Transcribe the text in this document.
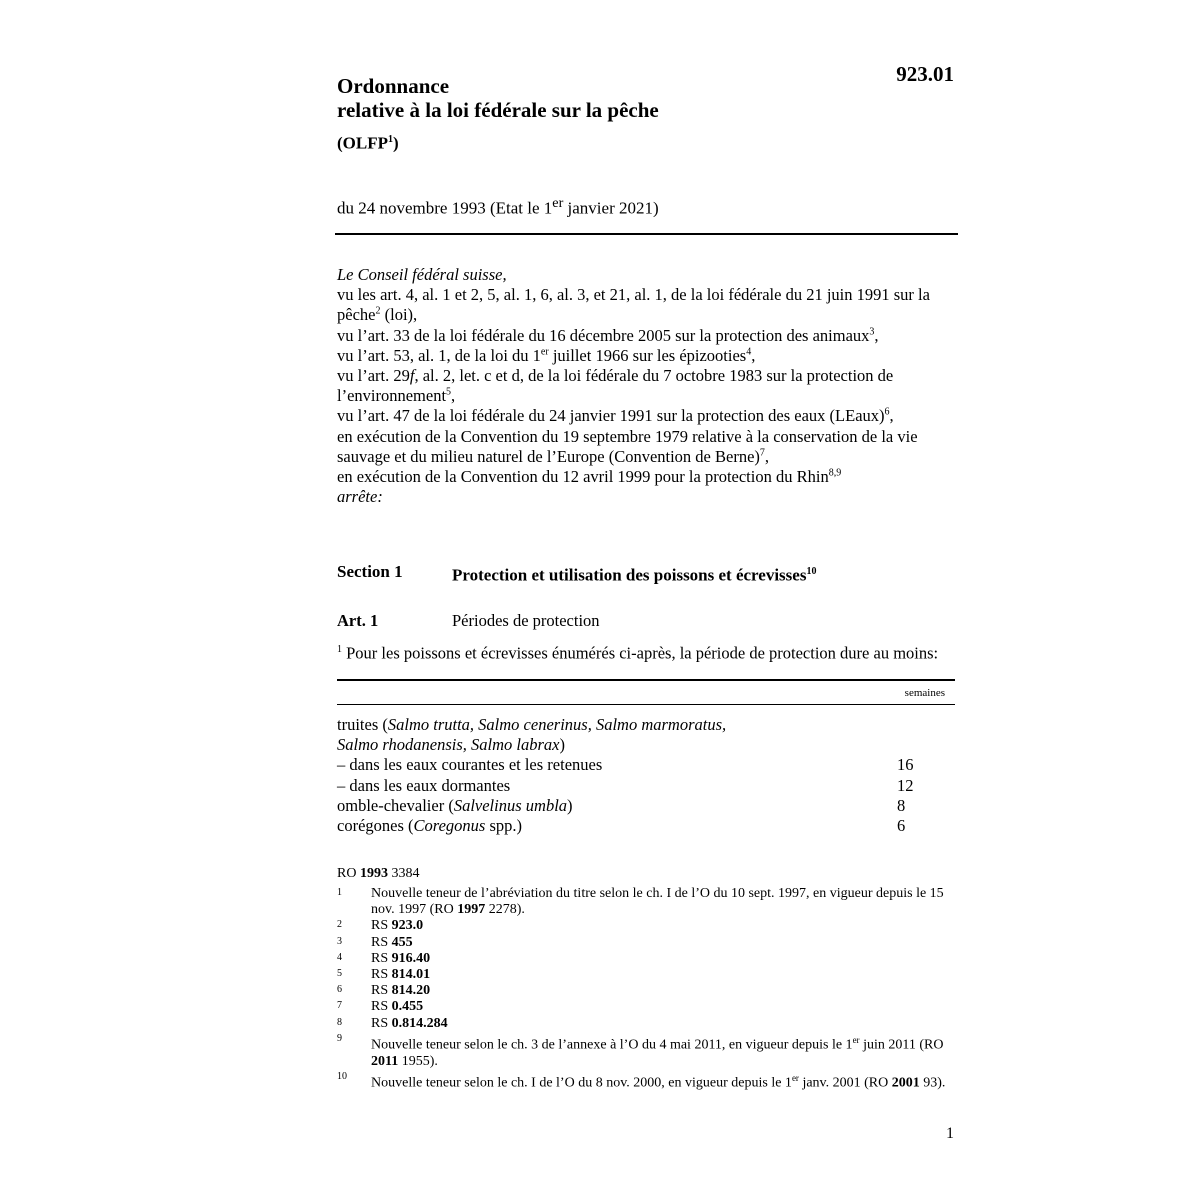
Ordonnance
relative à la loi fédérale sur la pêche
923.01
(OLFP$^1$)
du 24 novembre 1993 (Etat le 1er janvier 2021)

Le Conseil fédéral suisse,

vu les art. 4, al. 1 et 2, 5, al. 1, 6, al. 3, et 21, al. 1, de la loi fédérale du 21 juin 1991 sur la pêche$^2$ (loi),

vu l’art. 33 de la loi fédérale du 16 décembre 2005 sur la protection des animaux$^3$,

vu l’art. 53, al. 1, de la loi du 1er juillet 1966 sur les épizooties$^4$,

vu l’art. 29f, al. 2, let. c et d, de la loi fédérale du 7 octobre 1983 sur la protection de l’environnement$^5$,

vu l’art. 47 de la loi fédérale du 24 janvier 1991 sur la protection des eaux (LEaux)$^6$,

en exécution de la Convention du 19 septembre 1979 relative à la conservation de la vie sauvage et du milieu naturel de l’Europe (Convention de Berne)$^7$,

en exécution de la Convention du 12 avril 1999 pour la protection du Rhin$^{8,9}$

arrête:

Section 1	Protection et utilisation des poissons et écrevisses$^{10}$
Art. 1	Périodes de protection
$^1$ Pour les poissons et écrevisses énumérés ci-après, la période de protection dure au moins:
semaines
truites (Salmo trutta, Salmo cenerinus, Salmo marmoratus,
Salmo rhodanensis, Salmo labrax)
– dans les eaux courantes et les retenues	16
– dans les eaux dormantes	12
omble-chevalier (Salvelinus umbla)	8
corégones (Coregonus spp.)	6
RO 1993 3384
1	Nouvelle teneur de l’abréviation du titre selon le ch. I de l’O du 10 sept. 1997, en vigueur depuis le 15 nov. 1997 (RO 1997 2278).
2	RS 923.0
3	RS 455
4	RS 916.40
5	RS 814.01
6	RS 814.20
7	RS 0.455
8	RS 0.814.284
9	Nouvelle teneur selon le ch. 3 de l’annexe à l’O du 4 mai 2011, en vigueur depuis le 1er juin 2011 (RO 2011 1955).
10	Nouvelle teneur selon le ch. I de l’O du 8 nov. 2000, en vigueur depuis le 1er janv. 2001 (RO 2001 93).
1
